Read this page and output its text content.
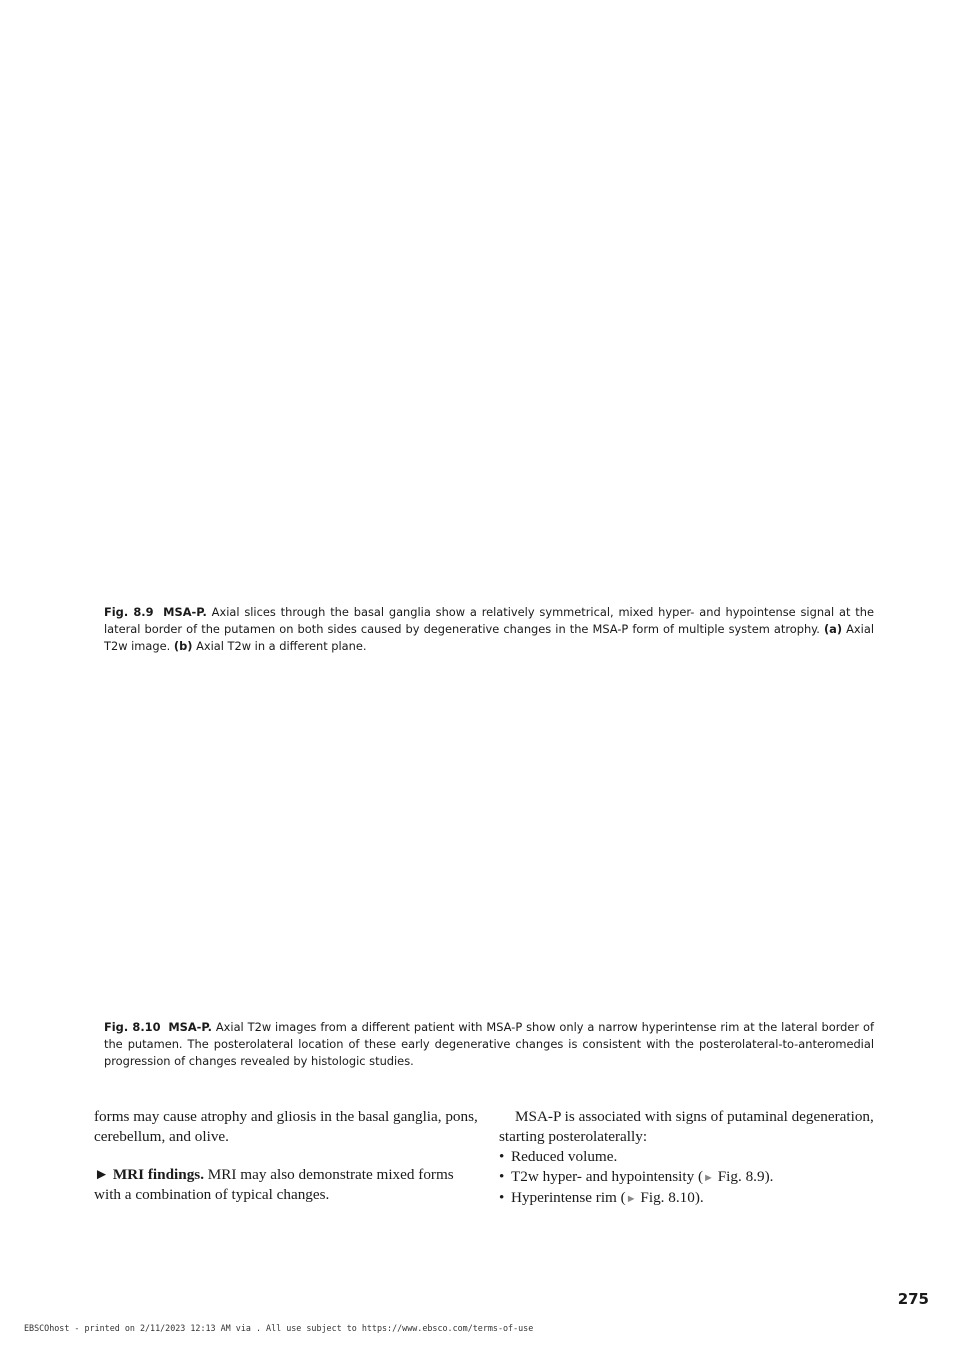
Fig. 8.9 MSA-P. Axial slices through the basal ganglia show a relatively symmetrical, mixed hyper- and hypointense signal at the lateral border of the putamen on both sides caused by degenerative changes in the MSA-P form of multiple system atrophy. (a) Axial T2w image. (b) Axial T2w in a different plane.
Fig. 8.10 MSA-P. Axial T2w images from a different patient with MSA-P show only a narrow hyperintense rim at the lateral border of the putamen. The posterolateral location of these early degenerative changes is consistent with the posterolateral-to-anteromedial progression of changes revealed by histologic studies.

forms may cause atrophy and gliosis in the basal ganglia, pons, cerebellum, and olive.

► MRI findings. MRI may also demonstrate mixed forms with a combination of typical changes.

MSA-P is associated with signs of putaminal degeneration, starting posterolaterally:

• Reduced volume.
• T2w hyper- and hypointensity (► Fig. 8.9).
• Hyperintense rim (► Fig. 8.10).
275
EBSCOhost - printed on 2/11/2023 12:13 AM via . All use subject to https://www.ebsco.com/terms-of-use
